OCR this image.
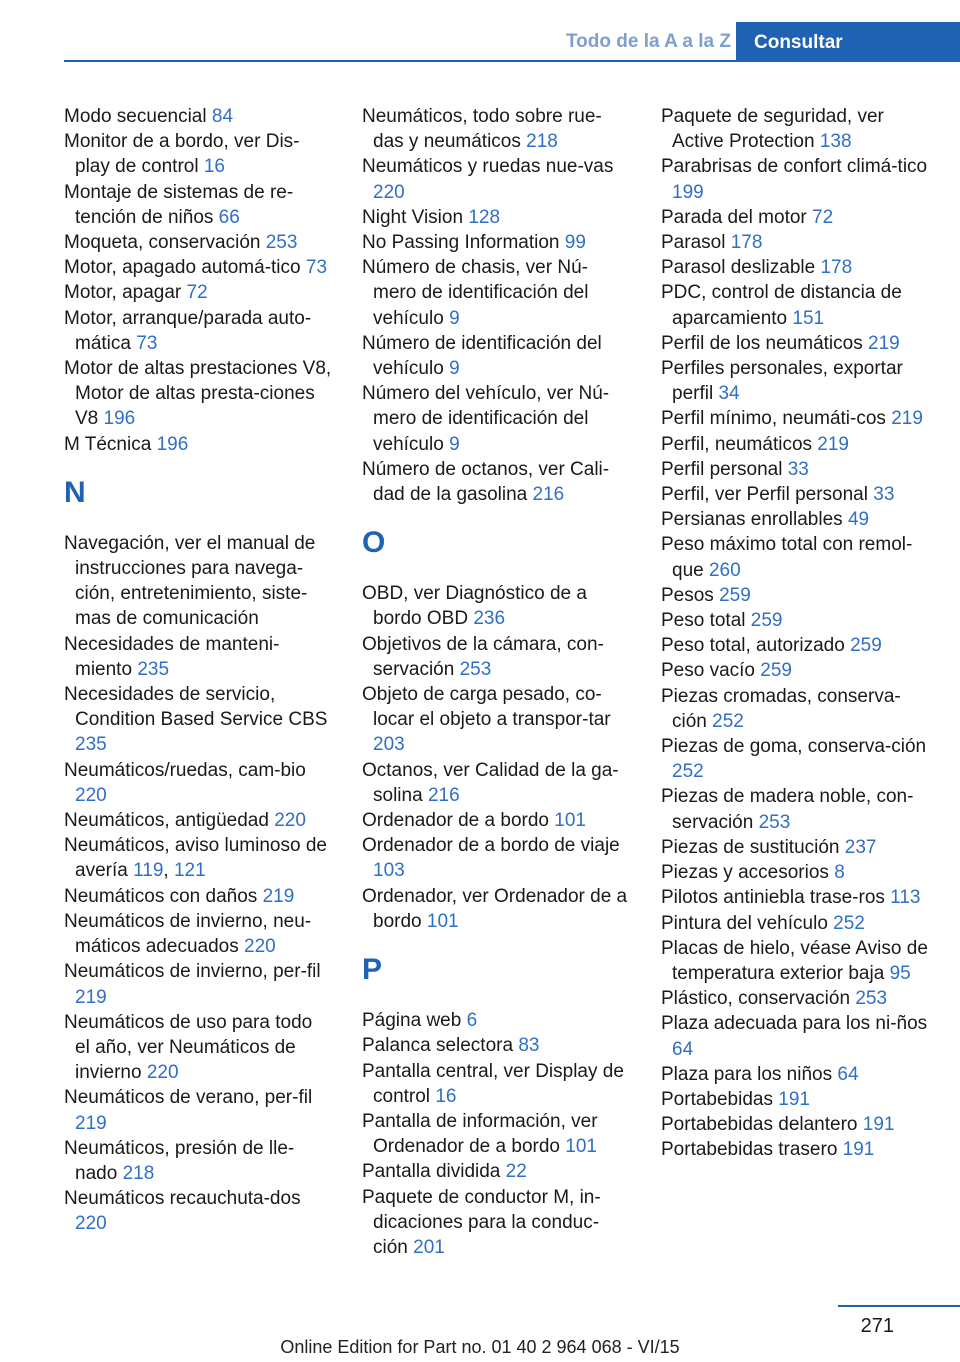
Todo de la A a la Z	Consultar
Modo secuencial 84
Monitor de a bordo, ver Dis-play de control 16
Montaje de sistemas de re-tención de niños 66
Moqueta, conservación 253
Motor, apagado automá-tico 73
Motor, apagar 72
Motor, arranque/parada auto-mática 73
Motor de altas prestaciones V8, Motor de altas presta-ciones V8 196
M Técnica 196
N
Navegación, ver el manual de instrucciones para navega-ción, entretenimiento, siste-mas de comunicación
Necesidades de manteni-miento 235
Necesidades de servicio, Condition Based Service CBS 235
Neumáticos/ruedas, cam-bio 220
Neumáticos, antigüedad 220
Neumáticos, aviso luminoso de avería 119, 121
Neumáticos con daños 219
Neumáticos de invierno, neu-máticos adecuados 220
Neumáticos de invierno, per-fil 219
Neumáticos de uso para todo el año, ver Neumáticos de invierno 220
Neumáticos de verano, per-fil 219
Neumáticos, presión de lle-nado 218
Neumáticos recauchuta-dos 220
Neumáticos, todo sobre rue-das y neumáticos 218
Neumáticos y ruedas nue-vas 220
Night Vision 128
No Passing Information 99
Número de chasis, ver Nú-mero de identificación del vehículo 9
Número de identificación del vehículo 9
Número del vehículo, ver Nú-mero de identificación del vehículo 9
Número de octanos, ver Cali-dad de la gasolina 216
O
OBD, ver Diagnóstico de a bordo OBD 236
Objetivos de la cámara, con-servación 253
Objeto de carga pesado, co-locar el objeto a transpor-tar 203
Octanos, ver Calidad de la ga-solina 216
Ordenador de a bordo 101
Ordenador de a bordo de viaje 103
Ordenador, ver Ordenador de a bordo 101
P
Página web 6
Palanca selectora 83
Pantalla central, ver Display de control 16
Pantalla de información, ver Ordenador de a bordo 101
Pantalla dividida 22
Paquete de conductor M, in-dicaciones para la conduc-ción 201
Paquete de seguridad, ver Active Protection 138
Parabrisas de confort climá-tico 199
Parada del motor 72
Parasol 178
Parasol deslizable 178
PDC, control de distancia de aparcamiento 151
Perfil de los neumáticos 219
Perfiles personales, exportar perfil 34
Perfil mínimo, neumáti-cos 219
Perfil, neumáticos 219
Perfil personal 33
Perfil, ver Perfil personal 33
Persianas enrollables 49
Peso máximo total con remol-que 260
Pesos 259
Peso total 259
Peso total, autorizado 259
Peso vacío 259
Piezas cromadas, conserva-ción 252
Piezas de goma, conserva-ción 252
Piezas de madera noble, con-servación 253
Piezas de sustitución 237
Piezas y accesorios 8
Pilotos antiniebla trase-ros 113
Pintura del vehículo 252
Placas de hielo, véase Aviso de temperatura exterior baja 95
Plástico, conservación 253
Plaza adecuada para los ni-ños 64
Plaza para los niños 64
Portabebidas 191
Portabebidas delantero 191
Portabebidas trasero 191
271
Online Edition for Part no. 01 40 2 964 068 - VI/15
